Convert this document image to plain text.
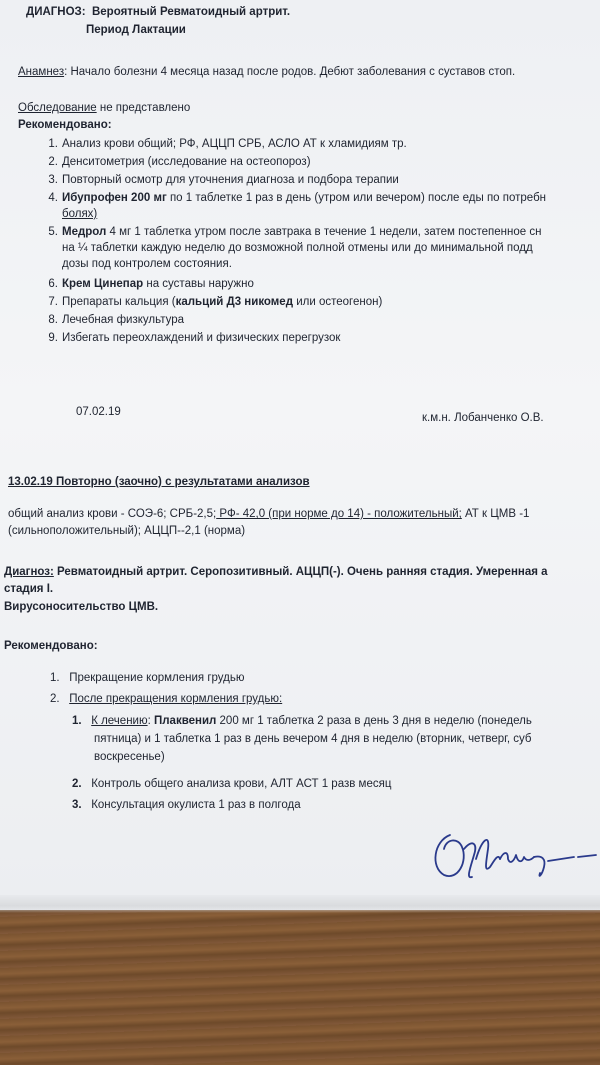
ДИАГНОЗ: Вероятный Ревматоидный артрит.
Период Лактации
Анамнез: Начало болезни 4 месяца назад после родов. Дебют заболевания с суставов стоп.
Обследование не представлено
Рекомендовано:
1. Анализ крови общий; РФ, АЦЦП СРБ, АСЛО АТ к хламидиям тр.
2. Денситометрия (исследование на остеопороз)
3. Повторный осмотр для уточнения диагноза и подбора терапии
4. Ибупрофен 200 мг по 1 таблетке 1 раз в день (утром или вечером) после еды по потребн
болях)
5. Медрол 4 мг 1 таблетка утром после завтрака в течение 1 недели, затем постепенное сн
на ¼ таблетки каждую неделю до возможной полной отмены или до минимальной подд
дозы под контролем состояния.
6. Крем Цинепар на суставы наружно
7. Препараты кальция (кальций Д3 никомед или остеогенон)
8. Лечебная физкультура
9. Избегать переохлаждений и физических перегрузок
07.02.19	к.м.н. Лобанченко О.В.
13.02.19 Повторно (заочно) с результатами анализов
общий анализ крови - СОЭ-6; СРБ-2,5; РФ- 42,0 (при норме до 14) - положительный; АТ к ЦМВ -1
(сильноположительный); АЦЦП--2,1 (норма)
Диагноз: Ревматоидный артрит. Серопозитивный. АЦЦП(-). Очень ранняя стадия. Умеренная а
стадия I.
Вирусоносительство ЦМВ.
Рекомендовано:
1. Прекращение кормления грудью
2. После прекращения кормления грудью:
1. К лечению: Плаквенил 200 мг 1 таблетка 2 раза в день 3 дня в неделю (понедель
пятница) и 1 таблетка 1 раз в день вечером 4 дня в неделю (вторник, четверг, суб
воскресенье)
2. Контроль общего анализа крови, АЛТ АСТ 1 разв месяц
3. Консультация окулиста 1 раз в полгода
